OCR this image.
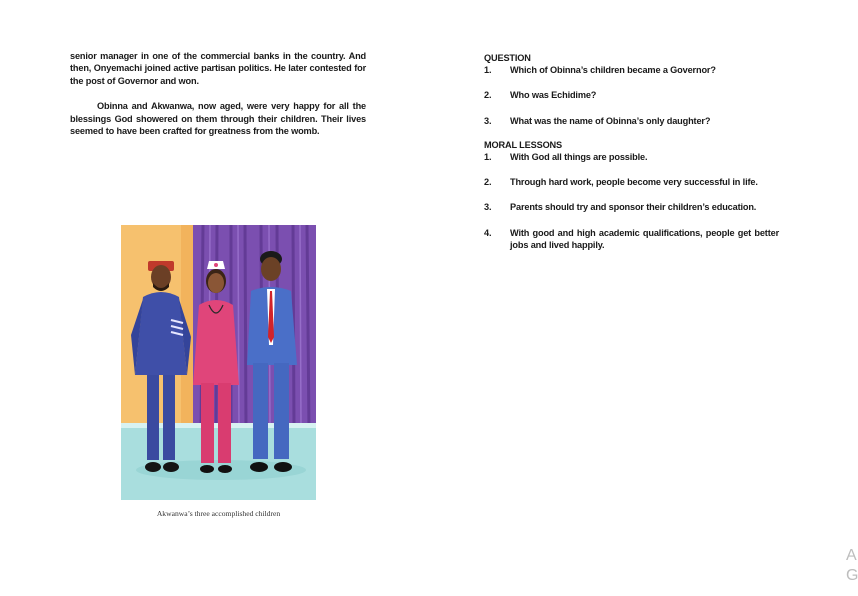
senior manager in one of the commercial banks in the country. And then, Onyemachi joined active partisan politics. He later contested for the post of Governor and won.

Obinna and Akwanwa, now aged, were very happy for all the blessings God showered on them through their children. Their lives seemed to have been crafted for greatness from the womb.

Akwanwa’s three accomplished children
QUESTION
1.	Which of Obinna’s children became a Governor?
2.	Who was Echidime?
3.	What was the name of Obinna’s only daughter?
MORAL LESSONS
1.	With God all things are possible.
2.	Through hard work, people become very successful in life.
3.	Parents should try and sponsor their children’s education.
4.	With good and high academic qualifications, people get better jobs and lived happily.
A
G
